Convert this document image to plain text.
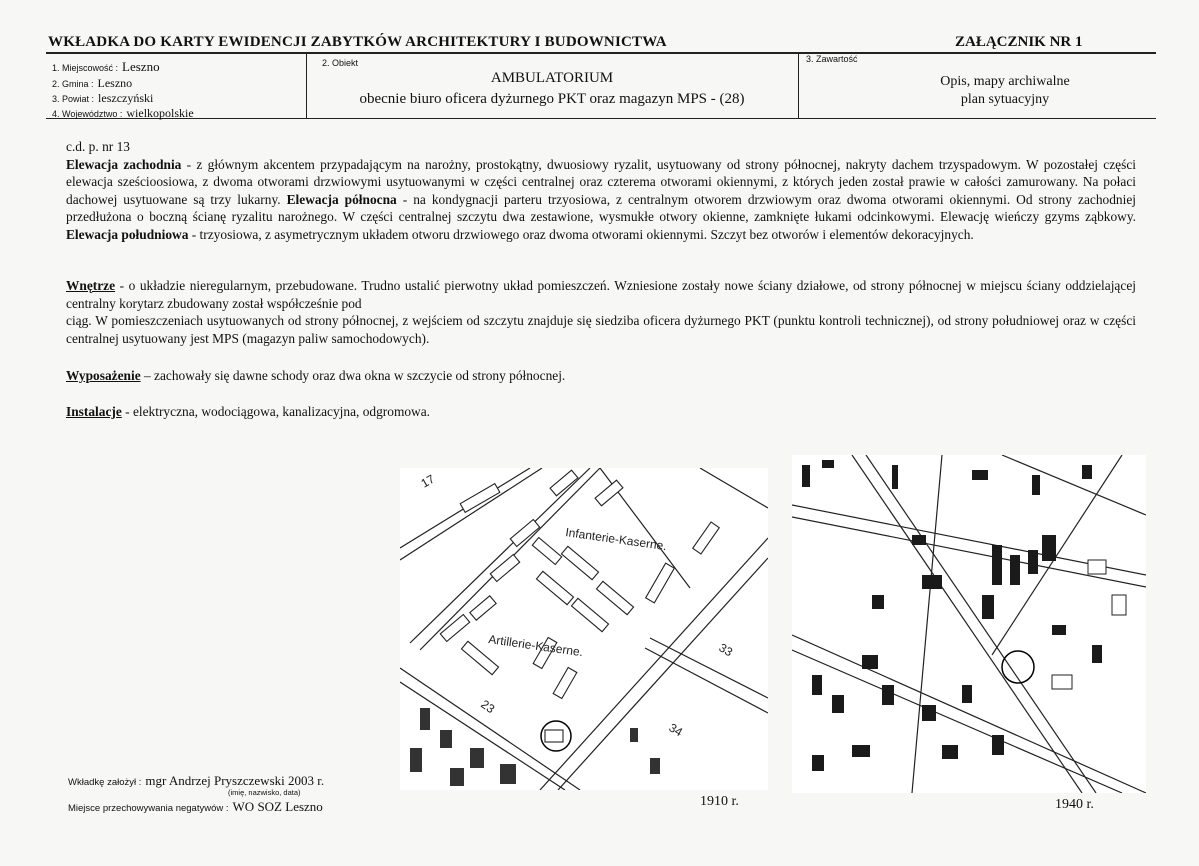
WKŁADKA DO KARTY EWIDENCJI ZABYTKÓW ARCHITEKTURY I BUDOWNICTWA	ZAŁĄCZNIK NR 1
1. Miejscowość : Leszno
2. Gmina : Leszno
3. Powiat : leszczyński
4. Województwo : wielkopolskie
2. Obiekt
AMBULATORIUM
obecnie biuro oficera dyżurnego PKT oraz magazyn MPS - (28)
3. Zawartość
Opis, mapy archiwalne
plan sytuacyjny

c.d. p. nr 13

Elewacja zachodnia - z głównym akcentem przypadającym na narożny, prostokątny, dwuosiowy ryzalit, usytuowany od strony północnej, nakryty dachem trzyspadowym. W pozostałej części elewacja sześcioosiowa, z dwoma otworami drzwiowymi usytuowanymi w części centralnej oraz czterema otworami okiennymi, z których jeden został prawie w całości zamurowany. Na połaci dachowej usytuowane są trzy lukarny. Elewacja północna - na kondygnacji parteru trzyosiowa, z centralnym otworem drzwiowym oraz dwoma otworami okiennymi. Od strony zachodniej przedłużona o boczną ścianę ryzalitu narożnego. W części centralnej szczytu dwa zestawione, wysmukłe otwory okienne, zamknięte łukami odcinkowymi. Elewację wieńczy gzyms ząbkowy. Elewacja południowa - trzyosiowa, z asymetrycznym układem otworu drzwiowego oraz dwoma otworami okiennymi. Szczyt bez otworów i elementów dekoracyjnych.

Wnętrze - o układzie nieregularnym, przebudowane. Trudno ustalić pierwotny układ pomieszczeń. Wzniesione zostały nowe ściany działowe, od strony północnej w miejscu ściany oddzielającej centralny korytarz zbudowany został współcześnie pod

ciąg. W pomieszczeniach usytuowanych od strony północnej, z wejściem od szczytu znajduje się siedziba oficera dyżurnego PKT (punktu kontroli technicznej), od strony południowej oraz w części centralnej usytuowany jest MPS (magazyn paliw samochodowych).

Wyposażenie – zachowały się dawne schody oraz dwa okna w szczycie od strony północnej.

Instalacje - elektryczna, wodociągowa, kanalizacyjna, odgromowa.

Infanterie-Kaserne.
Artillerie-Kaserne.
17
23
33
34
1910 r.	1940 r.
Wkładkę założył : mgr Andrzej Pryszczewski 2003 r.
(imię, nazwisko, data)
Miejsce przechowywania negatywów : WO SOZ Leszno
